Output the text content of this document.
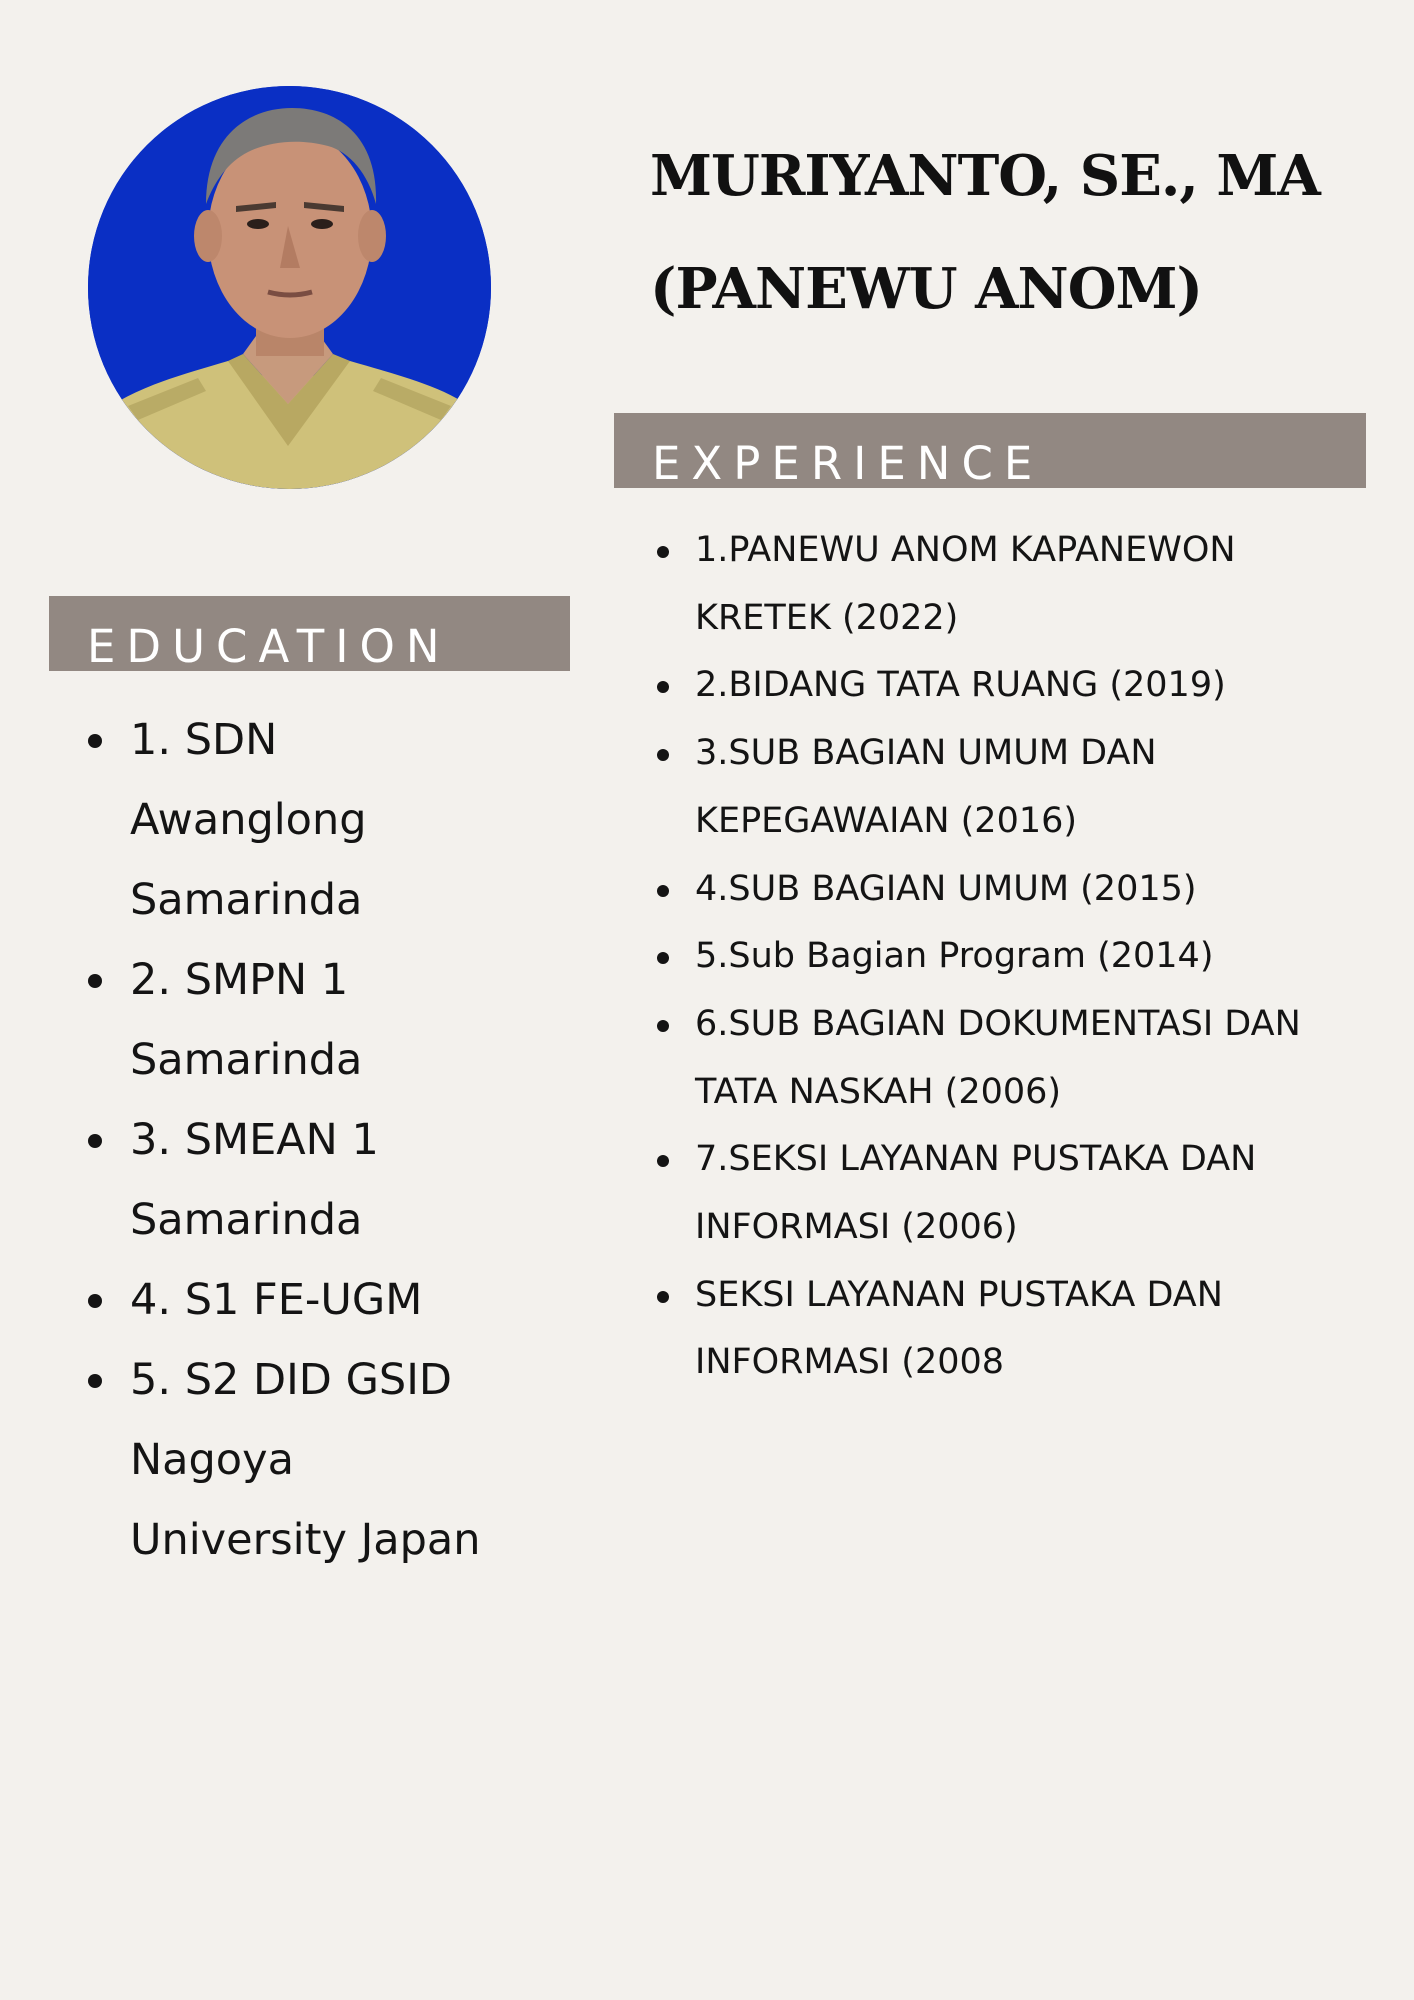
MURIYANTO, SE., MA
(PANEWU ANOM)
EXPERIENCE
1.PANEWU ANOM KAPANEWON KRETEK (2022)
2.BIDANG TATA RUANG (2019)
3.SUB BAGIAN UMUM DAN KEPEGAWAIAN (2016)
4.SUB BAGIAN UMUM (2015)
5.Sub Bagian Program (2014)
6.SUB BAGIAN DOKUMENTASI DAN TATA NASKAH (2006)
7.SEKSI LAYANAN PUSTAKA DAN INFORMASI (2006)
SEKSI LAYANAN PUSTAKA DAN INFORMASI (2008
EDUCATION
1. SDN Awanglong Samarinda
2. SMPN 1 Samarinda
3. SMEAN 1 Samarinda
4. S1 FE-UGM
5. S2 DID GSID Nagoya University Japan
